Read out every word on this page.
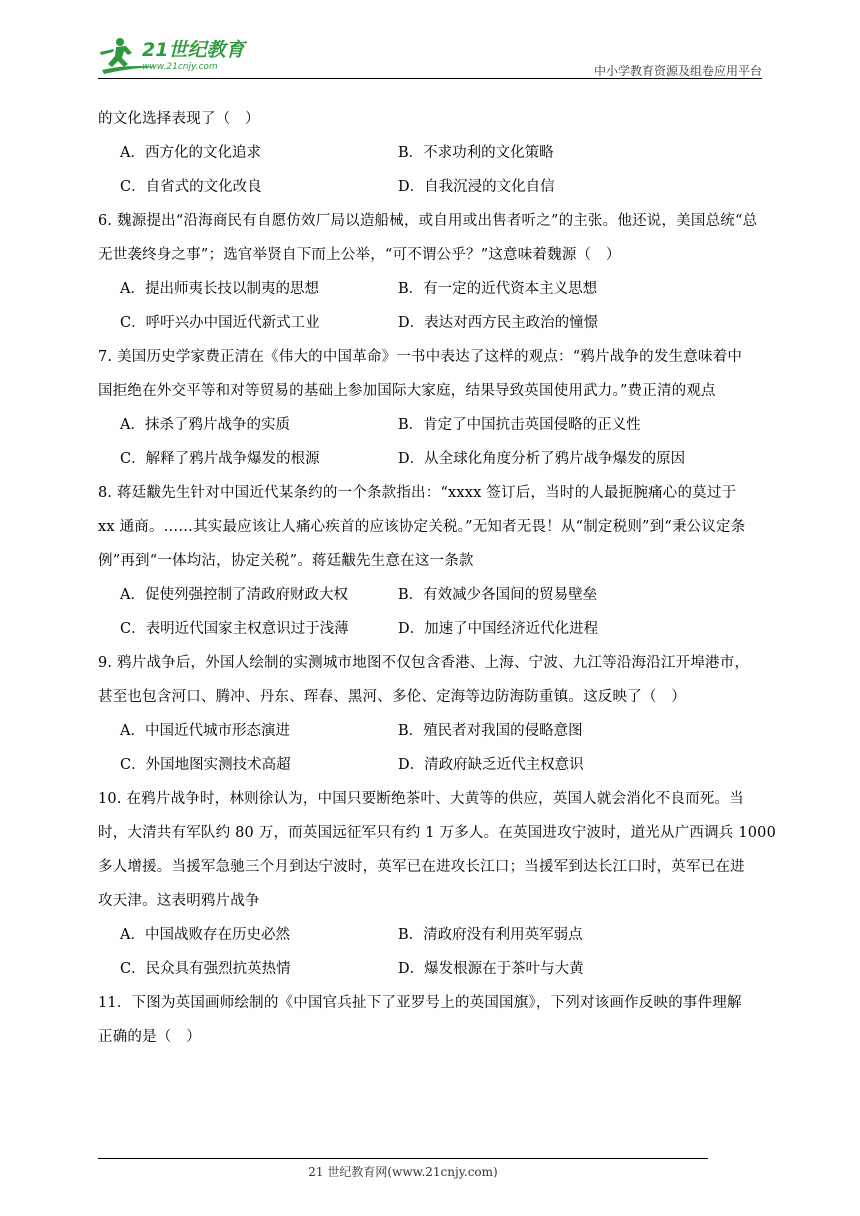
21世纪教育
www.21cnjy.com	中小学教育资源及组卷应用平台
的文化选择表现了（　）
A．西方化的文化追求	B．不求功利的文化策略
C．自省式的文化改良	D．自我沉浸的文化自信
6. 魏源提出“沿海商民有自愿仿效厂局以造船械，或自用或出售者听之”的主张。他还说，美国总统“总
无世袭终身之事”；选官举贤自下而上公举，“可不谓公乎？”这意味着魏源（　）
A．提出师夷长技以制夷的思想	B．有一定的近代资本主义思想
C．呼吁兴办中国近代新式工业	D．表达对西方民主政治的憧憬
7. 美国历史学家费正清在《伟大的中国革命》一书中表达了这样的观点：“鸦片战争的发生意味着中
国拒绝在外交平等和对等贸易的基础上参加国际大家庭，结果导致英国使用武力。”费正清的观点
A．抹杀了鸦片战争的实质	B．肯定了中国抗击英国侵略的正义性
C．解释了鸦片战争爆发的根源	D．从全球化角度分析了鸦片战争爆发的原因
8. 蒋廷黻先生针对中国近代某条约的一个条款指出：“xxxx 签订后，当时的人最扼腕痛心的莫过于
xx 通商。……其实最应该让人痛心疾首的应该协定关税。”无知者无畏！从“制定税则”到“秉公议定条
例”再到“一体均沾，协定关税”。蒋廷黻先生意在这一条款
A．促使列强控制了清政府财政大权	B．有效减少各国间的贸易壁垒
C．表明近代国家主权意识过于浅薄	D．加速了中国经济近代化进程
9. 鸦片战争后，外国人绘制的实测城市地图不仅包含香港、上海、宁波、九江等沿海沿江开埠港市，
甚至也包含河口、腾冲、丹东、珲春、黑河、多伦、定海等边防海防重镇。这反映了（　）
A．中国近代城市形态演进	B．殖民者对我国的侵略意图
C．外国地图实测技术高超	D．清政府缺乏近代主权意识
10. 在鸦片战争时，林则徐认为，中国只要断绝茶叶、大黄等的供应，英国人就会消化不良而死。当
时，大清共有军队约 80 万，而英国远征军只有约 1 万多人。在英国进攻宁波时，道光从广西调兵 1000
多人增援。当援军急驰三个月到达宁波时，英军已在进攻长江口；当援军到达长江口时，英军已在进
攻天津。这表明鸦片战争
A．中国战败存在历史必然	B．清政府没有利用英军弱点
C．民众具有强烈抗英热情	D．爆发根源在于茶叶与大黄
11．下图为英国画师绘制的《中国官兵扯下了亚罗号上的英国国旗》，下列对该画作反映的事件理解
正确的是（　）
21 世纪教育网(www.21cnjy.com)
